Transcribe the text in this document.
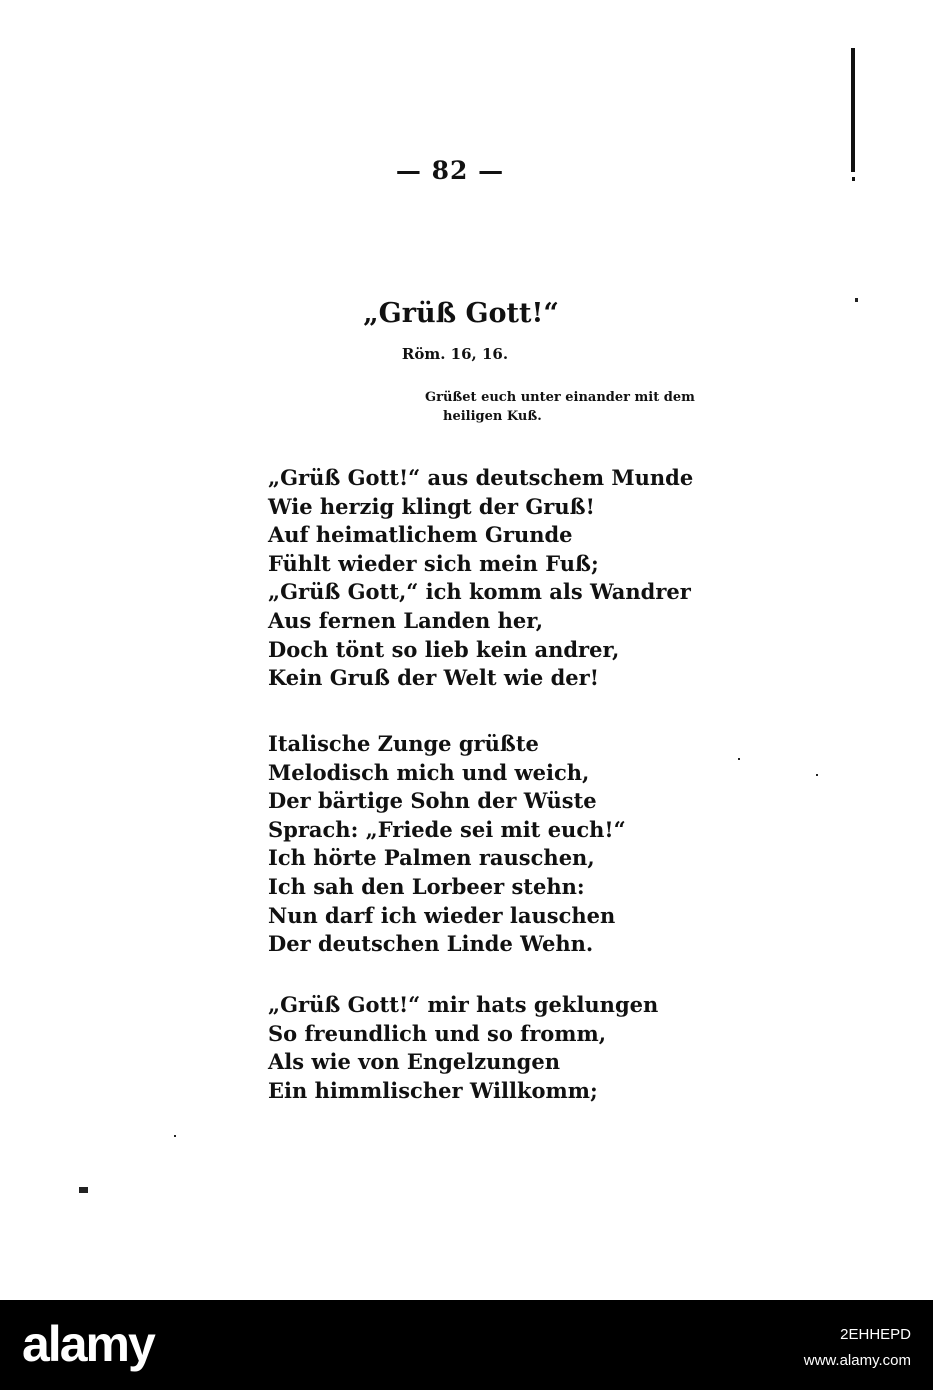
— 82 —
„Grüß Gott!“
Röm. 16, 16.
Grüßet euch unter einander mit dem
heiligen Kuß.
„Grüß Gott!“ aus deutschem Munde
Wie herzig klingt der Gruß!
Auf heimatlichem Grunde
Fühlt wieder sich mein Fuß;
„Grüß Gott,“ ich komm als Wandrer
Aus fernen Landen her,
Doch tönt so lieb kein andrer,
Kein Gruß der Welt wie der!
Italische Zunge grüßte
Melodisch mich und weich,
Der bärtige Sohn der Wüste
Sprach: „Friede sei mit euch!“
Ich hörte Palmen rauschen,
Ich sah den Lorbeer stehn:
Nun darf ich wieder lauschen
Der deutschen Linde Wehn.
„Grüß Gott!“ mir hats geklungen
So freundlich und so fromm,
Als wie von Engelzungen
Ein himmlischer Willkomm;
alamy	2EHHEPD
www.alamy.com
